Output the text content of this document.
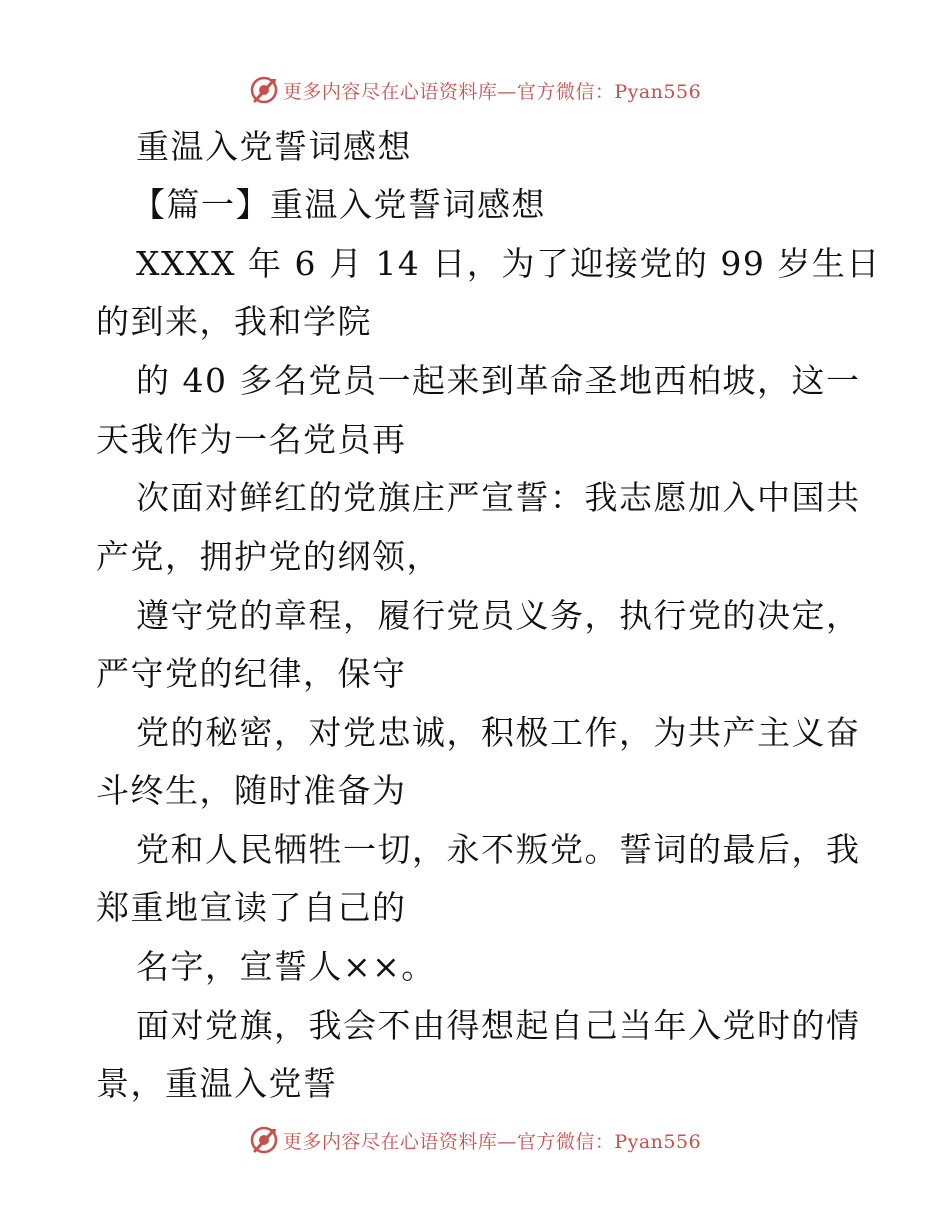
更多内容尽在心语资料库—官方微信：Pyan556
重温入党誓词感想
【篇一】重温入党誓词感想
XXXX 年 6 月 14 日，为了迎接党的 99 岁生日
的到来，我和学院
的 40 多名党员一起来到革命圣地西柏坡，这一
天我作为一名党员再
次面对鲜红的党旗庄严宣誓：我志愿加入中国共
产党，拥护党的纲领，
遵守党的章程，履行党员义务，执行党的决定，
严守党的纪律，保守
党的秘密，对党忠诚，积极工作，为共产主义奋
斗终生，随时准备为
党和人民牺牲一切，永不叛党。誓词的最后，我
郑重地宣读了自己的
名字，宣誓人××。
面对党旗，我会不由得想起自己当年入党时的情
景，重温入党誓
更多内容尽在心语资料库—官方微信：Pyan556
